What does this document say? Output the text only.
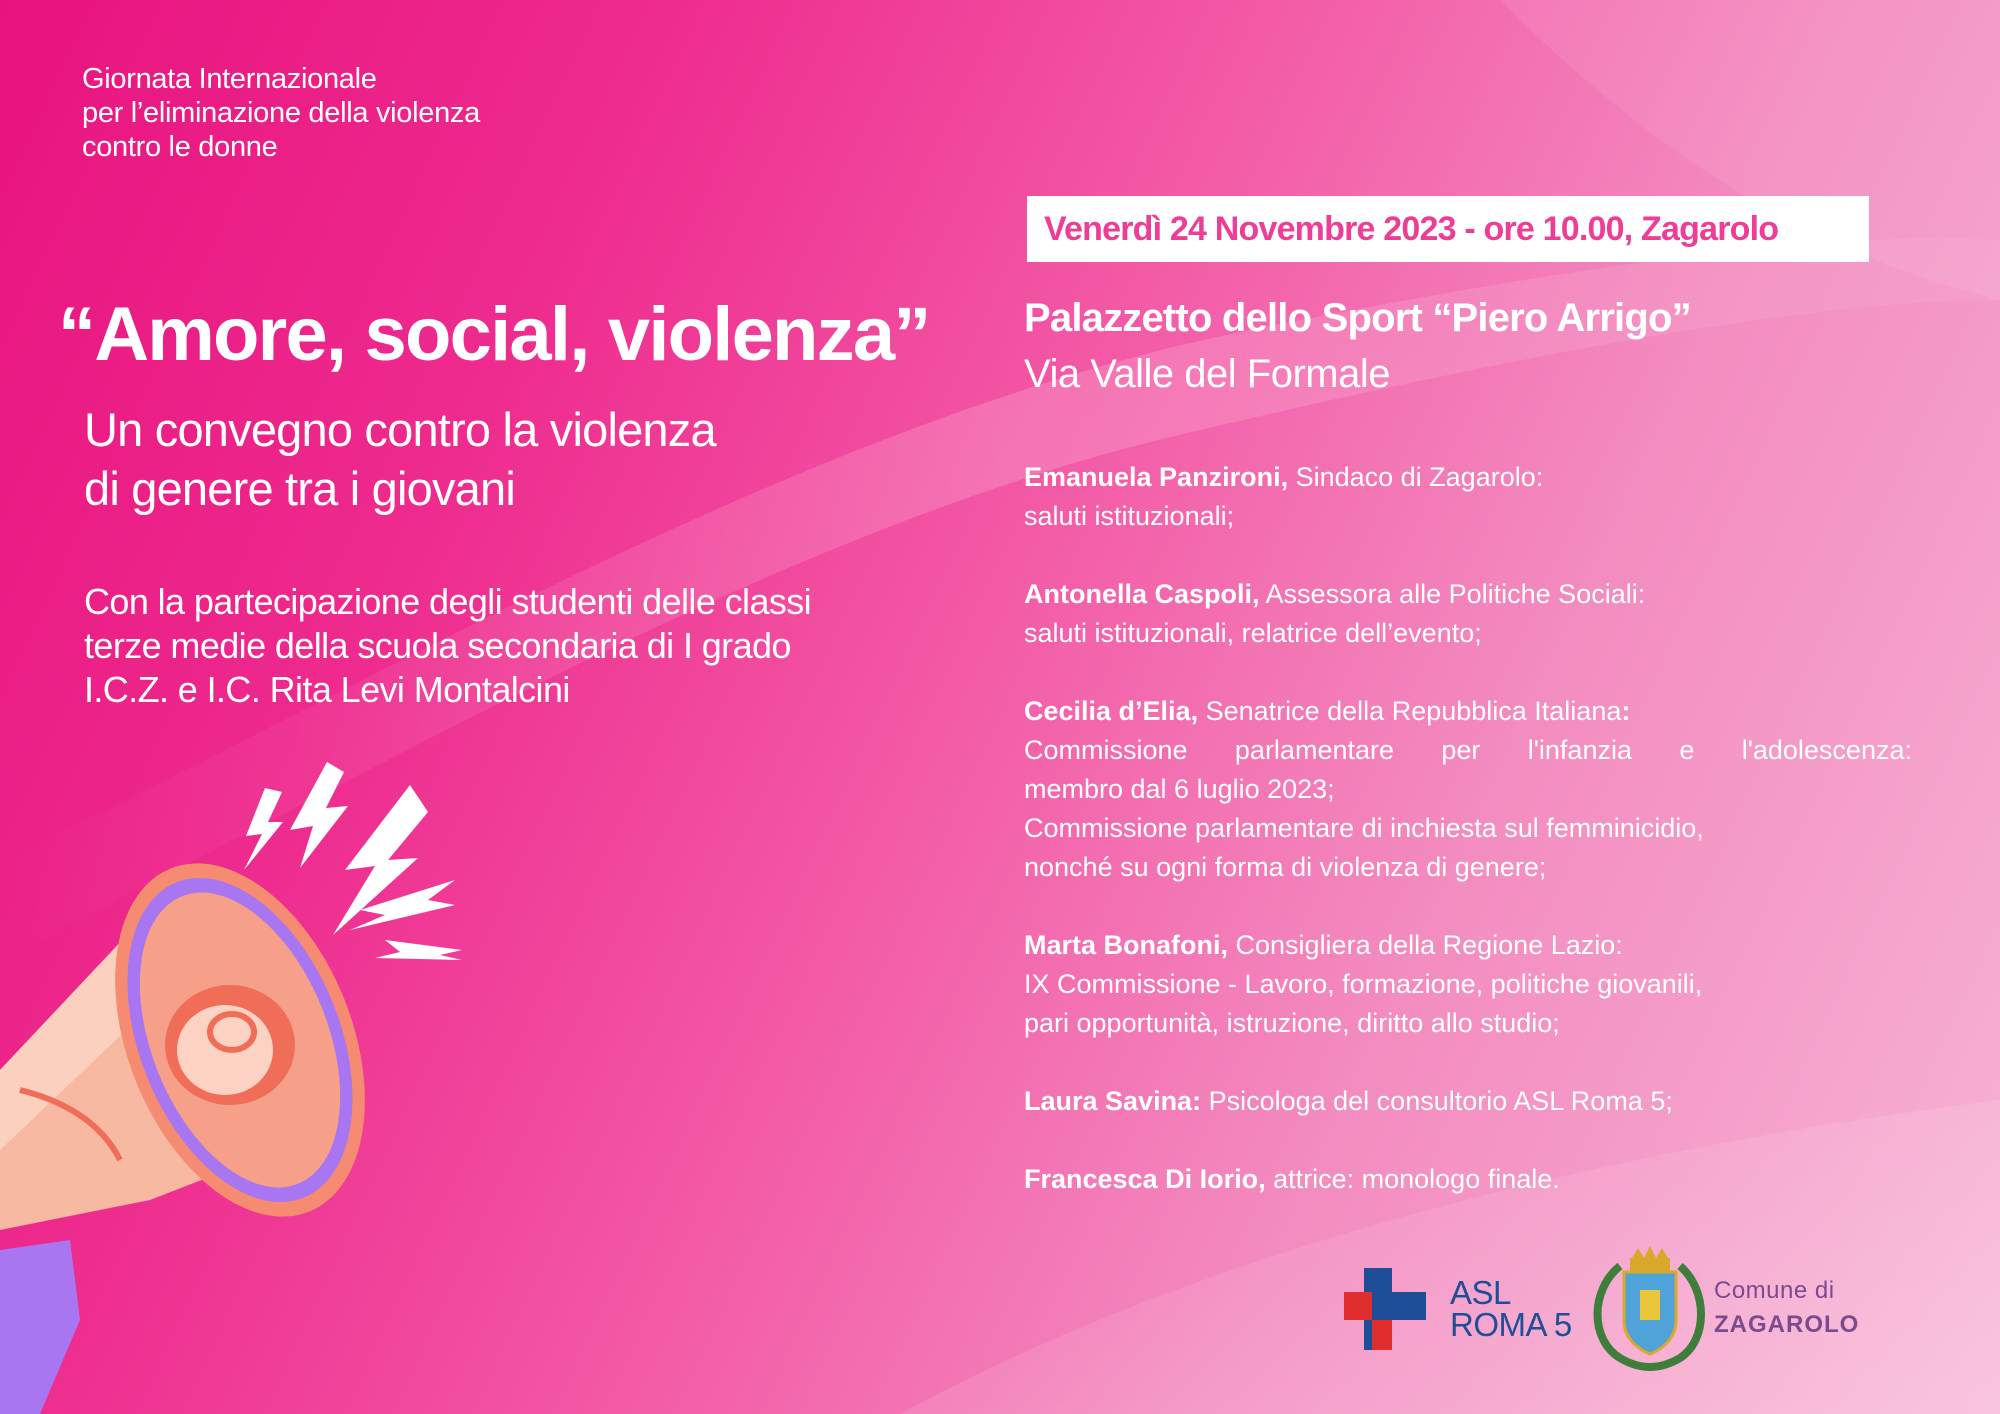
Giornata Internazionale
per l’eliminazione della violenza
contro le donne
“Amore, social, violenza”
Un convegno contro la violenza
di genere tra i giovani
Con la partecipazione degli studenti delle classi
terze medie della scuola secondaria di I grado
I.C.Z. e I.C. Rita Levi Montalcini
Venerdì 24 Novembre 2023 - ore 10.00, Zagarolo
Palazzetto dello Sport “Piero Arrigo”
Via Valle del Formale
Emanuela Panzironi, Sindaco di Zagarolo:
saluti istituzionali;
Antonella Caspoli, Assessora alle Politiche Sociali:
saluti istituzionali, relatrice dell’evento;
Cecilia d’Elia, Senatrice della Repubblica Italiana:
Commissione parlamentare per l'infanzia e l'adolescenza:
membro dal 6 luglio 2023;
Commissione parlamentare di inchiesta sul femminicidio,
nonché su ogni forma di violenza di genere;
Marta Bonafoni, Consigliera della Regione Lazio:
IX Commissione - Lavoro, formazione, politiche giovanili,
pari opportunità, istruzione, diritto allo studio;
Laura Savina: Psicologa del consultorio ASL Roma 5;
Francesca Di Iorio, attrice: monologo finale.
ASL
ROMA 5
Comune di
ZAGAROLO
